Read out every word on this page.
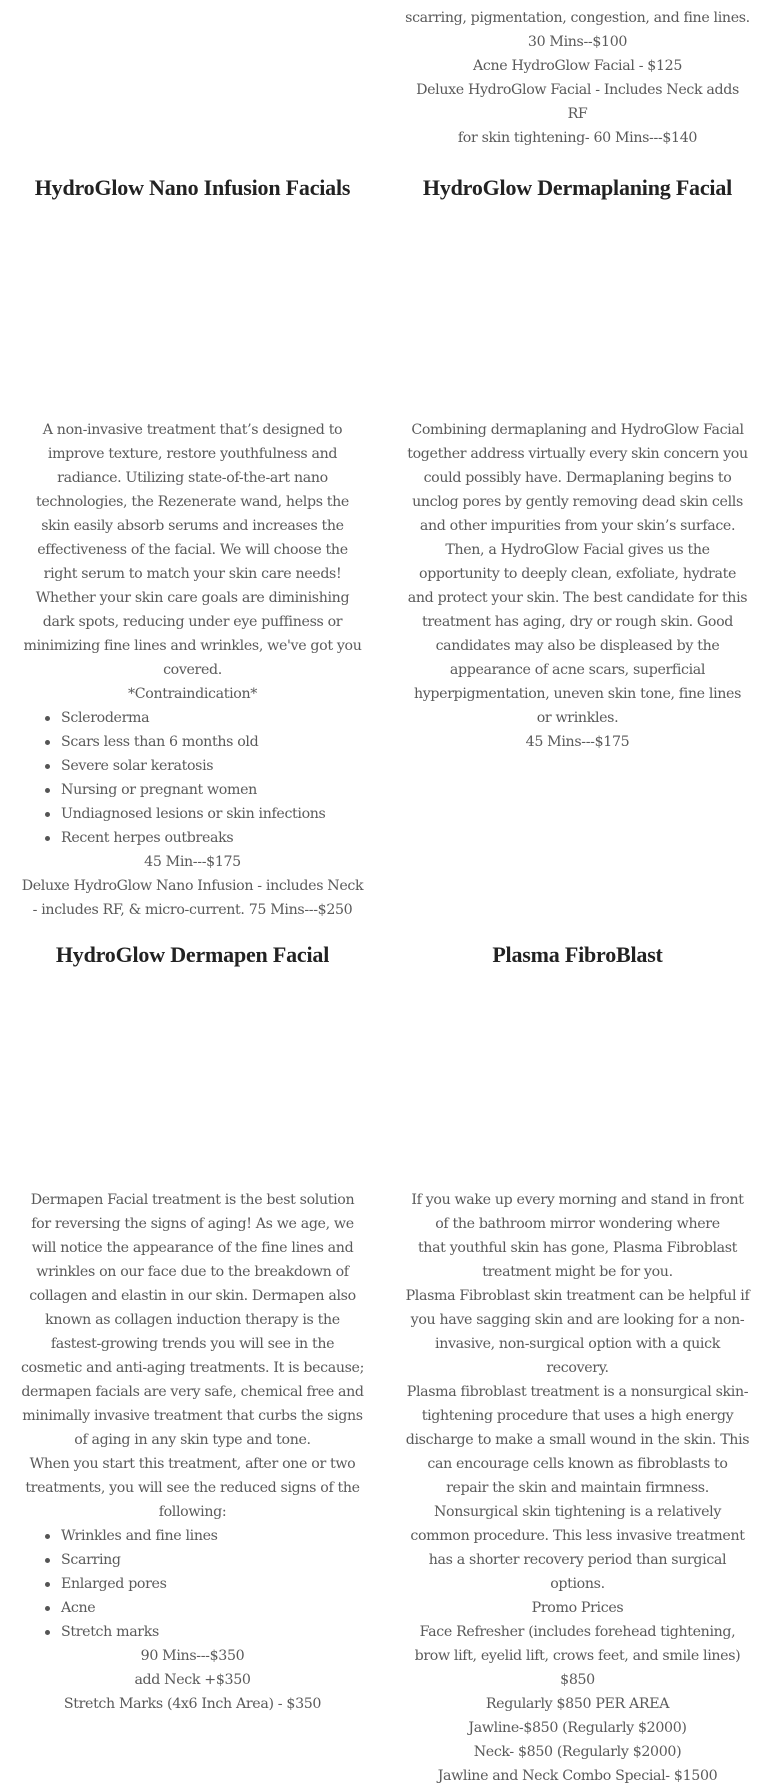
scarring, pigmentation, congestion, and fine lines.

30 Mins--$100

Acne HydroGlow Facial - $125

Deluxe HydroGlow Facial - Includes Neck adds RF

for skin tightening- 60 Mins---$140

HydroGlow Nano Infusion Facials	HydroGlow Dermaplaning Facial

A non-invasive treatment that’s designed to improve texture, restore youthfulness and radiance. Utilizing state-of-the-art nano technologies, the Rezenerate wand, helps the skin easily absorb serums and increases the effectiveness of the facial. We will choose the right serum to match your skin care needs! Whether your skin care goals are diminishing dark spots, reducing under eye puffiness or minimizing fine lines and wrinkles, we've got you covered.

*Contraindication*

Scleroderma
Scars less than 6 months old
Severe solar keratosis
Nursing or pregnant women
Undiagnosed lesions or skin infections
Recent herpes outbreaks

45 Min---$175

Deluxe HydroGlow Nano Infusion - includes Neck - includes RF, & micro-current. 75 Mins---$250

Combining dermaplaning and HydroGlow Facial together address virtually every skin concern you could possibly have. Dermaplaning begins to unclog pores by gently removing dead skin cells and other impurities from your skin’s surface. Then, a HydroGlow Facial gives us the opportunity to deeply clean, exfoliate, hydrate and protect your skin. The best candidate for this treatment has aging, dry or rough skin. Good candidates may also be displeased by the appearance of acne scars, superficial hyperpigmentation, uneven skin tone, fine lines or wrinkles.

45 Mins---$175

HydroGlow Dermapen Facial	Plasma FibroBlast

Dermapen Facial treatment is the best solution for reversing the signs of aging! As we age, we will notice the appearance of the fine lines and wrinkles on our face due to the breakdown of collagen and elastin in our skin. Dermapen also known as collagen induction therapy is the fastest-growing trends you will see in the cosmetic and anti-aging treatments. It is because; dermapen facials are very safe, chemical free and minimally invasive treatment that curbs the signs of aging in any skin type and tone.

When you start this treatment, after one or two treatments, you will see the reduced signs of the following:

Wrinkles and fine lines
Scarring
Enlarged pores
Acne
Stretch marks

90 Mins---$350

add Neck +$350

Stretch Marks (4x6 Inch Area) - $350

If you wake up every morning and stand in front of the bathroom mirror wondering where

that youthful skin has gone, Plasma Fibroblast treatment might be for you.

Plasma Fibroblast skin treatment can be helpful if you have sagging skin and are looking for a non-invasive, non-surgical option with a quick recovery.

Plasma fibroblast treatment is a nonsurgical skin-tightening procedure that uses a high energy discharge to make a small wound in the skin. This can encourage cells known as fibroblasts to repair the skin and maintain firmness.

Nonsurgical skin tightening is a relatively common procedure. This less invasive treatment has a shorter recovery period than surgical options.

Promo Prices

Face Refresher (includes forehead tightening, brow lift, eyelid lift, crows feet, and smile lines) $850

Regularly $850 PER AREA

Jawline-$850 (Regularly $2000)

Neck- $850 (Regularly $2000)

Jawline and Neck Combo Special- $1500
